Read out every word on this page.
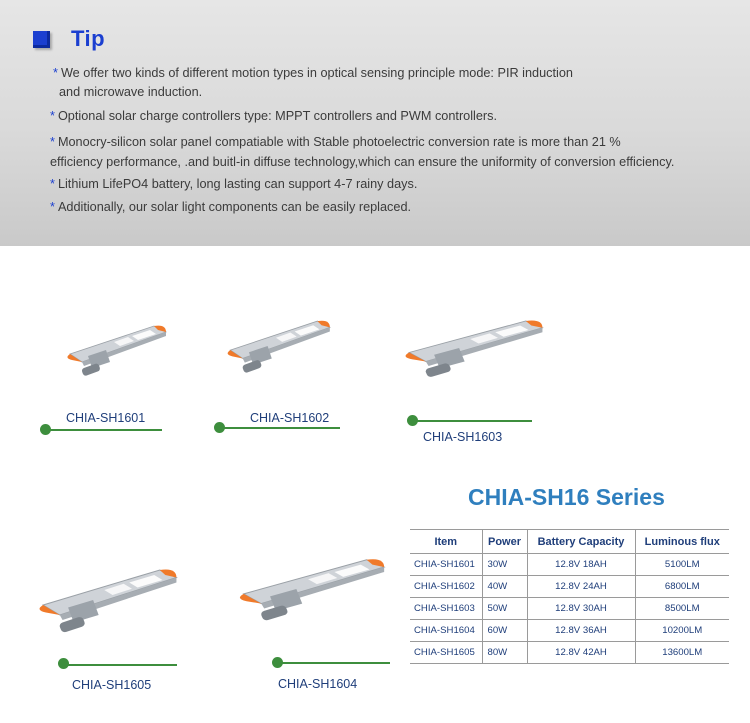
Tip
* We offer two kinds of different motion types in optical sensing principle mode: PIR induction
and microwave induction.
* Optional solar charge controllers type: MPPT controllers and PWM controllers.
* Monocry-silicon solar panel compatiable with Stable photoelectric conversion rate is more than 21 %
efficiency performance, .and buitl-in diffuse technology,which can ensure the uniformity of conversion efficiency.
* Lithium LifePO4 battery, long lasting can support 4-7 rainy days.
* Additionally, our solar light components can be easily replaced.
CHIA-SH1601	CHIA-SH1602
CHIA-SH1603
CHIA-SH1605	CHIA-SH1604
CHIA-SH16 Series
Item	Power	Battery Capacity	Luminous flux
CHIA-SH1601	30W	12.8V 18AH	5100LM
CHIA-SH1602	40W	12.8V 24AH	6800LM
CHIA-SH1603	50W	12.8V 30AH	8500LM
CHIA-SH1604	60W	12.8V 36AH	10200LM
CHIA-SH1605	80W	12.8V 42AH	13600LM
